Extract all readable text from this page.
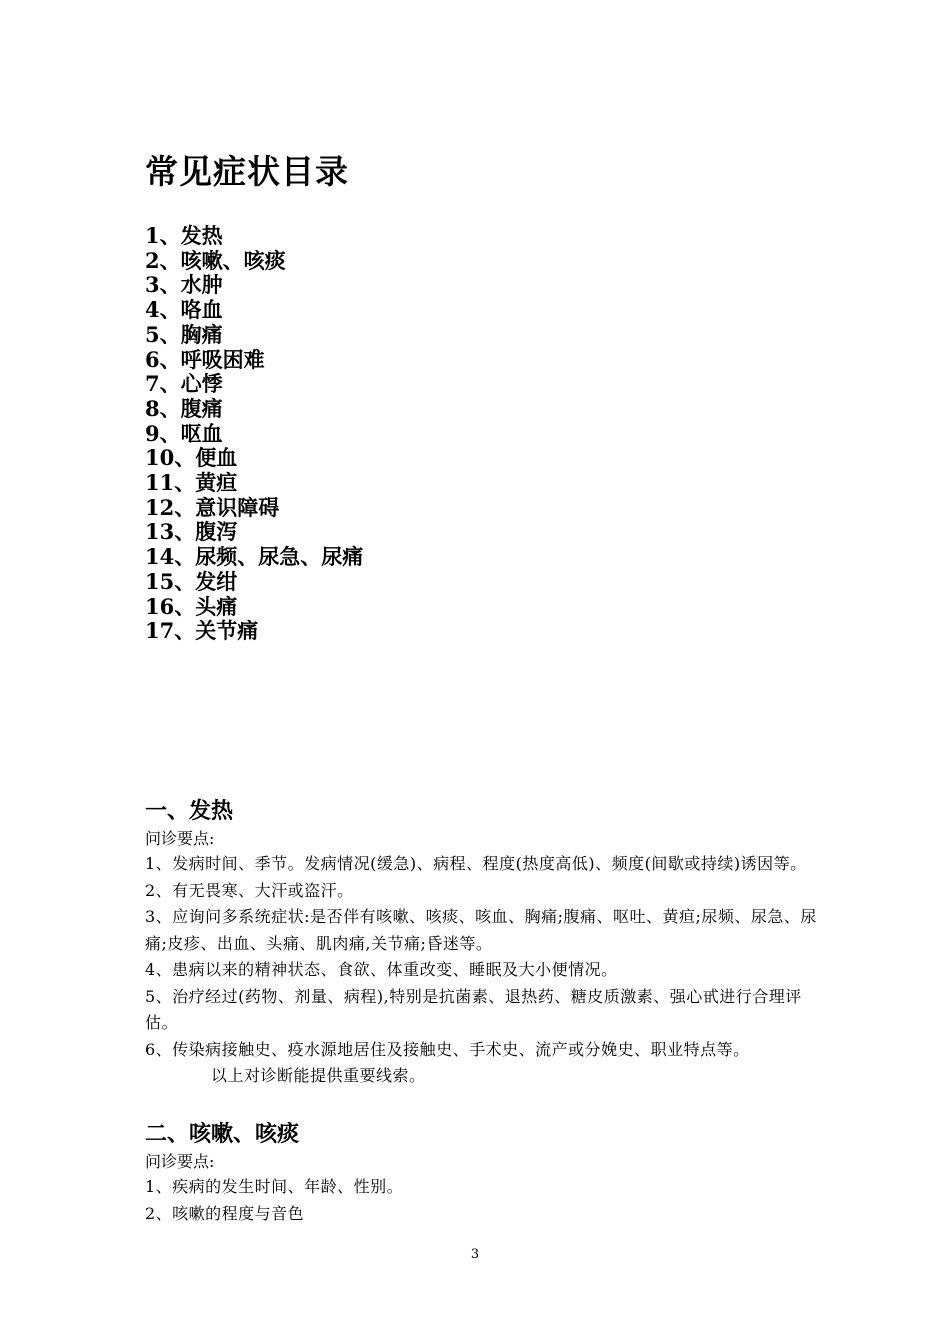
常见症状目录
1、发热
2、咳嗽、咳痰
3、水肿
4、咯血
5、胸痛
6、呼吸困难
7、心悸
8、腹痛
9、呕血
10、便血
11、黄疸
12、意识障碍
13、腹泻
14、尿频、尿急、尿痛
15、发绀
16、头痛
17、关节痛
一、发热

问诊要点:

1、发病时间、季节。发病情况(缓急)、病程、程度(热度高低)、频度(间歇或持续)诱因等。

2、有无畏寒、大汗或盗汗。

3、应询问多系统症状:是否伴有咳嗽、咳痰、咳血、胸痛;腹痛、呕吐、黄疸;尿频、尿急、尿痛;皮疹、出血、头痛、肌肉痛,关节痛;昏迷等。

4、患病以来的精神状态、食欲、体重改变、睡眠及大小便情况。

5、治疗经过(药物、剂量、病程),特别是抗菌素、退热药、糖皮质激素、强心甙进行合理评估。

6、传染病接触史、疫水源地居住及接触史、手术史、流产或分娩史、职业特点等。

以上对诊断能提供重要线索。

二、咳嗽、咳痰

问诊要点:

1、疾病的发生时间、年龄、性别。

2、咳嗽的程度与音色

3
